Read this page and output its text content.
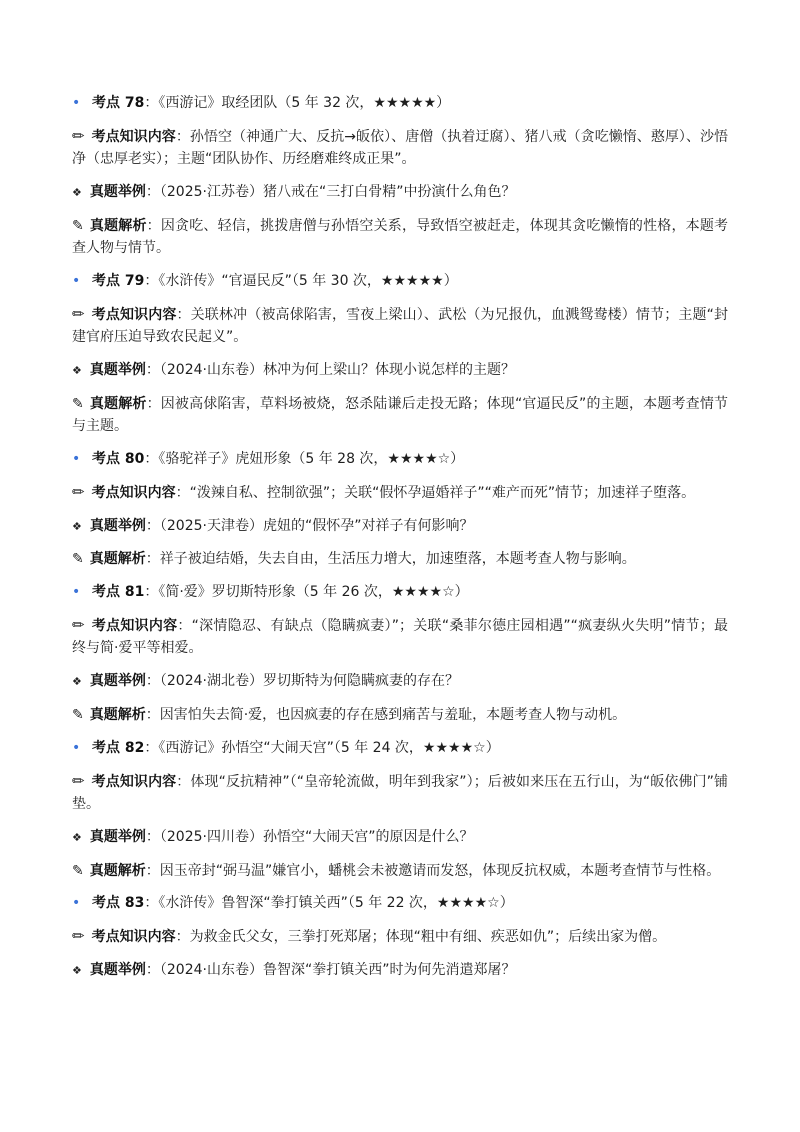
• 考点 78：《西游记》取经团队（5 年 32 次，★★★★★）

✏ 考点知识内容：孙悟空（神通广大、反抗→皈依）、唐僧（执着迂腐）、猪八戒（贪吃懒惰、憨厚）、沙悟净（忠厚老实）；主题“团队协作、历经磨难终成正果”。

❖ 真题举例：（2025·江苏卷）猪八戒在“三打白骨精”中扮演什么角色？

✎ 真题解析：因贪吃、轻信，挑拨唐僧与孙悟空关系，导致悟空被赶走，体现其贪吃懒惰的性格，本题考查人物与情节。

• 考点 79：《水浒传》“官逼民反”（5 年 30 次，★★★★★）

✏ 考点知识内容：关联林冲（被高俅陷害，雪夜上梁山）、武松（为兄报仇，血溅鸳鸯楼）情节；主题“封建官府压迫导致农民起义”。

❖ 真题举例：（2024·山东卷）林冲为何上梁山？体现小说怎样的主题？

✎ 真题解析：因被高俅陷害，草料场被烧，怒杀陆谦后走投无路；体现“官逼民反”的主题，本题考查情节与主题。

• 考点 80：《骆驼祥子》虎妞形象（5 年 28 次，★★★★☆）

✏ 考点知识内容：“泼辣自私、控制欲强”；关联“假怀孕逼婚祥子”“难产而死”情节；加速祥子堕落。

❖ 真题举例：（2025·天津卷）虎妞的“假怀孕”对祥子有何影响？

✎ 真题解析：祥子被迫结婚，失去自由，生活压力增大，加速堕落，本题考查人物与影响。

• 考点 81：《简·爱》罗切斯特形象（5 年 26 次，★★★★☆）

✏ 考点知识内容：“深情隐忍、有缺点（隐瞒疯妻）”；关联“桑菲尔德庄园相遇”“疯妻纵火失明”情节；最终与简·爱平等相爱。

❖ 真题举例：（2024·湖北卷）罗切斯特为何隐瞒疯妻的存在？

✎ 真题解析：因害怕失去简·爱，也因疯妻的存在感到痛苦与羞耻，本题考查人物与动机。

• 考点 82：《西游记》孙悟空“大闹天宫”（5 年 24 次，★★★★☆）

✏ 考点知识内容：体现“反抗精神”（“皇帝轮流做，明年到我家”）；后被如来压在五行山，为“皈依佛门”铺垫。

❖ 真题举例：（2025·四川卷）孙悟空“大闹天宫”的原因是什么？

✎ 真题解析：因玉帝封“弼马温”嫌官小，蟠桃会未被邀请而发怒，体现反抗权威，本题考查情节与性格。

• 考点 83：《水浒传》鲁智深“拳打镇关西”（5 年 22 次，★★★★☆）

✏ 考点知识内容：为救金氏父女，三拳打死郑屠；体现“粗中有细、疾恶如仇”；后续出家为僧。

❖ 真题举例：（2024·山东卷）鲁智深“拳打镇关西”时为何先消遣郑屠？
